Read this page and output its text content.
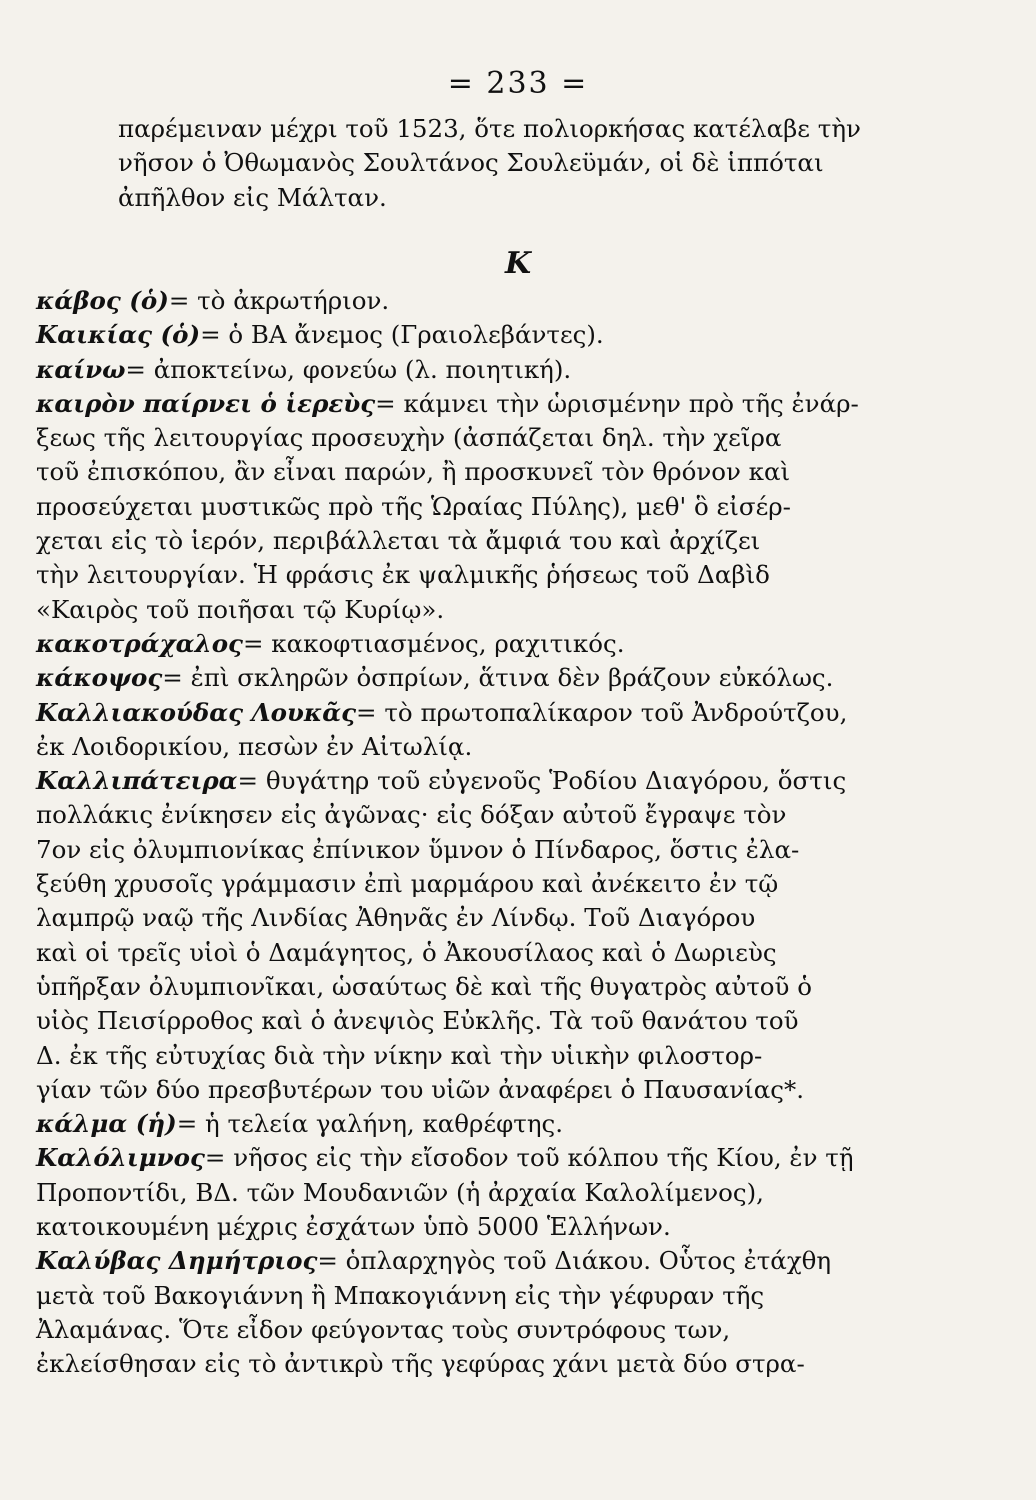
= 233 =
παρέμειναν μέχρι τοῦ 1523, ὅτε πολιορκήσας κατέλαβε τὴν
νῆσον ὁ Ὀθωμανὸς Σουλτάνος Σουλεϋμάν, οἱ δὲ ἱππόται
ἀπῆλθον εἰς Μάλταν.
Κ

κάβος (ὁ)= τὸ ἀκρωτήριον.

Καικίας (ὁ)= ὁ ΒΑ ἄνεμος (Γραιολεβάντες).

καίνω= ἀποκτείνω, φονεύω (λ. ποιητική).

καιρὸν παίρνει ὁ ἱερεὺς= κάμνει τὴν ὡρισμένην πρὸ τῆς ἐνάρ-
ξεως τῆς λειτουργίας προσευχὴν (ἀσπάζεται δηλ. τὴν χεῖρα
τοῦ ἐπισκόπου, ἂν εἶναι παρών, ἢ προσκυνεῖ τὸν θρόνον καὶ
προσεύχεται μυστικῶς πρὸ τῆς Ὡραίας Πύλης), μεθ' ὃ εἰσέρ-
χεται εἰς τὸ ἱερόν, περιβάλλεται τὰ ἄμφιά του καὶ ἀρχίζει
τὴν λειτουργίαν. Ἡ φράσις ἐκ ψαλμικῆς ῥήσεως τοῦ Δαβὶδ
«Καιρὸς τοῦ ποιῆσαι τῷ Κυρίῳ».

κακοτράχαλος= κακοφτιασμένος, ραχιτικός.

κάκοψος= ἐπὶ σκληρῶν ὀσπρίων, ἅτινα δὲν βράζουν εὐκόλως.

Καλλιακούδας Λουκᾶς= τὸ πρωτοπαλίκαρον τοῦ Ἀνδρούτζου,
ἐκ Λοιδορικίου, πεσὼν ἐν Αἰτωλίᾳ.

Καλλιπάτειρα= θυγάτηρ τοῦ εὐγενοῦς Ῥοδίου Διαγόρου, ὅστις
πολλάκις ἐνίκησεν εἰς ἀγῶνας· εἰς δόξαν αὐτοῦ ἔγραψε τὸν
7ον εἰς ὀλυμπιονίκας ἐπίνικον ὕμνον ὁ Πίνδαρος, ὅστις ἐλα-
ξεύθη χρυσοῖς γράμμασιν ἐπὶ μαρμάρου καὶ ἀνέκειτο ἐν τῷ
λαμπρῷ ναῷ τῆς Λινδίας Ἀθηνᾶς ἐν Λίνδῳ. Τοῦ Διαγόρου
καὶ οἱ τρεῖς υἱοὶ ὁ Δαμάγητος, ὁ Ἀκουσίλαος καὶ ὁ Δωριεὺς
ὑπῆρξαν ὀλυμπιονῖκαι, ὡσαύτως δὲ καὶ τῆς θυγατρὸς αὐτοῦ ὁ
υἱὸς Πεισίρροθος καὶ ὁ ἀνεψιὸς Εὐκλῆς. Τὰ τοῦ θανάτου τοῦ
Δ. ἐκ τῆς εὐτυχίας διὰ τὴν νίκην καὶ τὴν υἱικὴν φιλοστορ-
γίαν τῶν δύο πρεσβυτέρων του υἱῶν ἀναφέρει ὁ Παυσανίας*.

κάλμα (ἡ)= ἡ τελεία γαλήνη, καθρέφτης.

Καλόλιμνος= νῆσος εἰς τὴν εἴσοδον τοῦ κόλπου τῆς Κίου, ἐν τῇ
Προποντίδι, ΒΔ. τῶν Μουδανιῶν (ἡ ἀρχαία Καλολίμενος),
κατοικουμένη μέχρις ἐσχάτων ὑπὸ 5000 Ἑλλήνων.

Καλύβας Δημήτριος= ὁπλαρχηγὸς τοῦ Διάκου. Οὗτος ἐτάχθη
μετὰ τοῦ Βακογιάννη ἢ Μπακογιάννη εἰς τὴν γέφυραν τῆς
Ἀλαμάνας. Ὅτε εἶδον φεύγοντας τοὺς συντρόφους των,
ἐκλείσθησαν εἰς τὸ ἀντικρὺ τῆς γεφύρας χάνι μετὰ δύο στρα-
